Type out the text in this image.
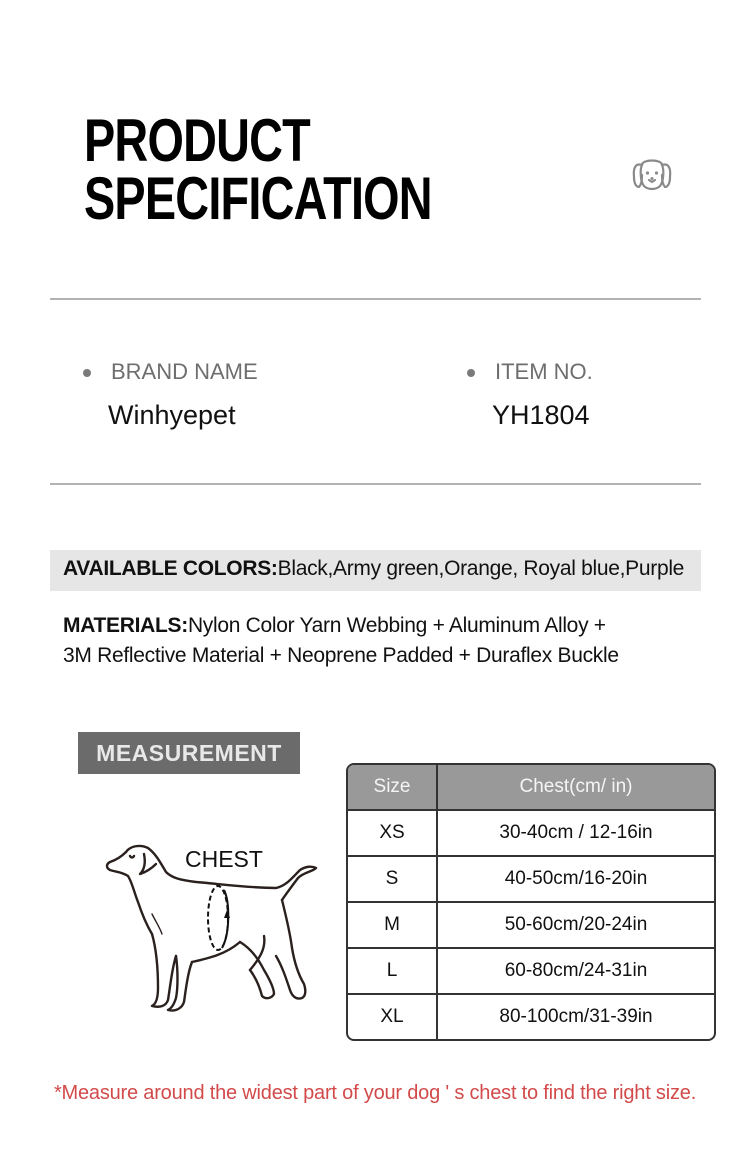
PRODUCT
SPECIFICATION
BRAND NAME
Winhyepet
ITEM NO.
YH1804
AVAILABLE COLORS:Black,Army green,Orange, Royal blue,Purple
MATERIALS:Nylon Color Yarn Webbing + Aluminum Alloy +
3M Reflective Material + Neoprene Padded + Duraflex Buckle
MEASUREMENT
CHEST
Size	Chest(cm/ in)
XS	30-40cm / 12-16in
S	40-50cm/16-20in
M	50-60cm/20-24in
L	60-80cm/24-31in
XL	80-100cm/31-39in
*Measure around the widest part of your dog ' s chest to find the right size.
